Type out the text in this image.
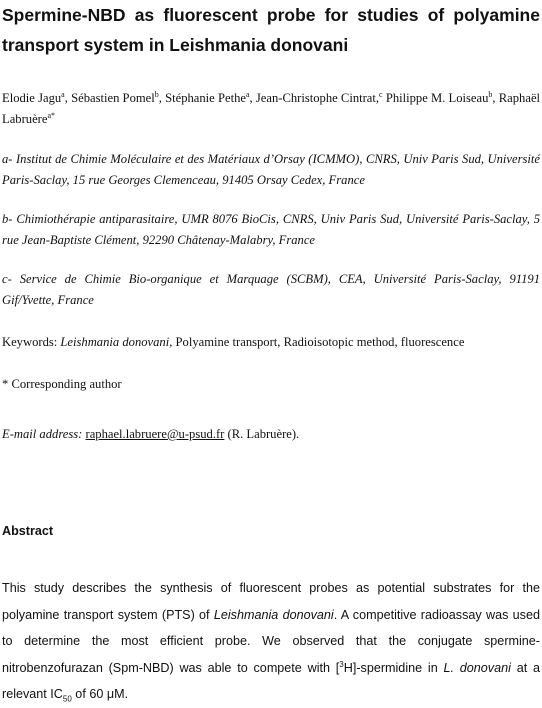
Spermine-NBD as fluorescent probe for studies of polyamine transport system in Leishmania donovani
Elodie Jagu$^a$, Sébastien Pomel$^b$, Stéphanie Pethe$^a$, Jean-Christophe Cintrat,$^c$ Philippe M. Loiseau$^b$, Raphaël Labruère$^{a*}$
a- Institut de Chimie Moléculaire et des Matériaux d’Orsay (ICMMO), CNRS, Univ Paris Sud, Université Paris-Saclay, 15 rue Georges Clemenceau, 91405 Orsay Cedex, France
b- Chimiothérapie antiparasitaire, UMR 8076 BioCis, CNRS, Univ Paris Sud, Université Paris-Saclay, 5 rue Jean-Baptiste Clément, 92290 Châtenay-Malabry, France
c- Service de Chimie Bio-organique et Marquage (SCBM), CEA, Université Paris-Saclay, 91191 Gif/Yvette, France
Keywords: Leishmania donovani, Polyamine transport, Radioisotopic method, fluorescence
* Corresponding author
E-mail address: raphael.labruere@u-psud.fr (R. Labruère).
Abstract
This study describes the synthesis of fluorescent probes as potential substrates for the polyamine transport system (PTS) of Leishmania donovani. A competitive radioassay was used to determine the most efficient probe. We observed that the conjugate spermine-nitrobenzofurazan (Spm-NBD) was able to compete with [$^3$H]-spermidine in L. donovani at a relevant $IC_{50}$ of 60 μM.
